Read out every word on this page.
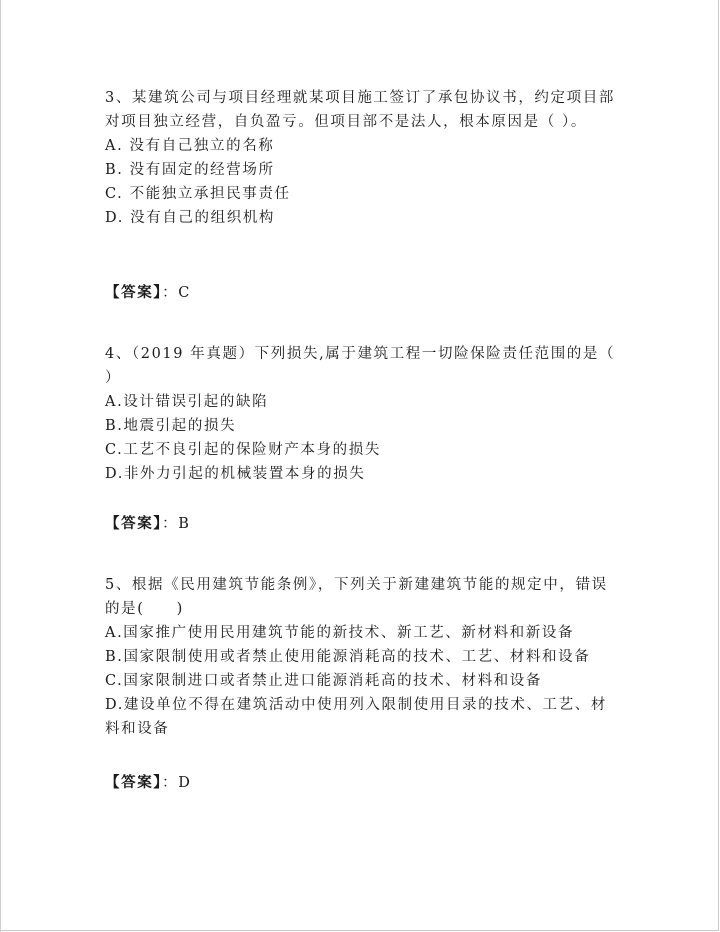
3、某建筑公司与项目经理就某项目施工签订了承包协议书，约定项目部对项目独立经营，自负盈亏。但项目部不是法人，根本原因是（ ）。

A. 没有自己独立的名称
B. 没有固定的经营场所
C. 不能独立承担民事责任
D. 没有自己的组织机构
【答案】：C

4、（2019 年真题）下列损失,属于建筑工程一切险保险责任范围的是（　　）

A.设计错误引起的缺陷
B.地震引起的损失
C.工艺不良引起的保险财产本身的损失
D.非外力引起的机械装置本身的损失
【答案】：B

5、根据《民用建筑节能条例》，下列关于新建建筑节能的规定中，错误的是(　　)

A.国家推广使用民用建筑节能的新技术、新工艺、新材料和新设备
B.国家限制使用或者禁止使用能源消耗高的技术、工艺、材料和设备
C.国家限制进口或者禁止进口能源消耗高的技术、材料和设备
D.建设单位不得在建筑活动中使用列入限制使用目录的技术、工艺、材料和设备
【答案】：D
